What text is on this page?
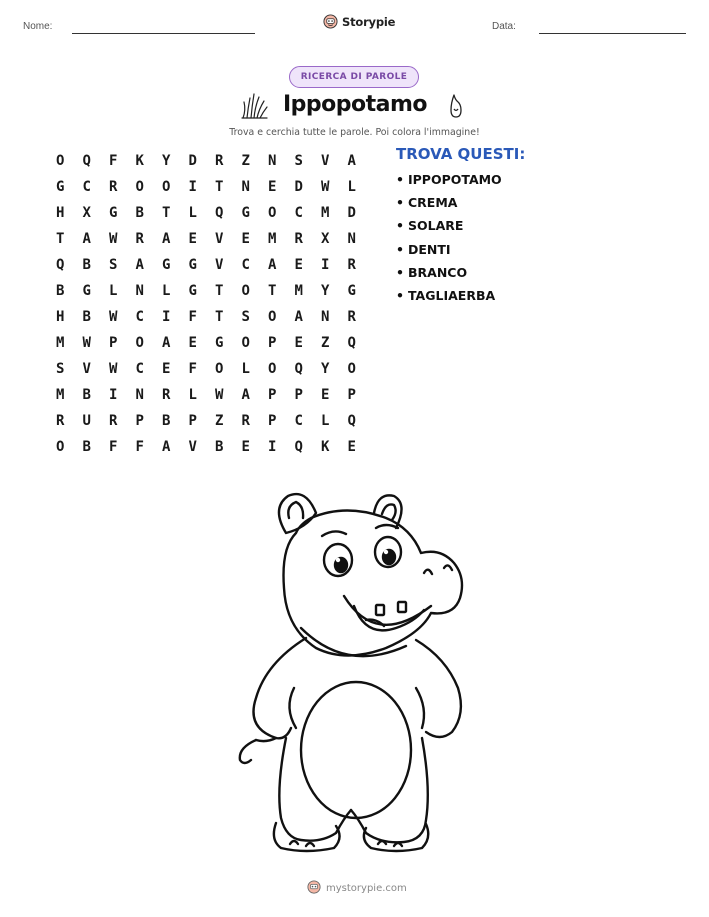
Nome:	Storypie	Data:
RICERCA DI PAROLE
Ippopotamo
Trova e cerchia tutte le parole. Poi colora l'immagine!
O	Q	F	K	Y	D	R	Z	N	S	V	A
G	C	R	O	O	I	T	N	E	D	W	L
H	X	G	B	T	L	Q	G	O	C	M	D
T	A	W	R	A	E	V	E	M	R	X	N
Q	B	S	A	G	G	V	C	A	E	I	R
B	G	L	N	L	G	T	O	T	M	Y	G
H	B	W	C	I	F	T	S	O	A	N	R
M	W	P	O	A	E	G	O	P	E	Z	Q
S	V	W	C	E	F	O	L	O	Q	Y	O
M	B	I	N	R	L	W	A	P	P	E	P
R	U	R	P	B	P	Z	R	P	C	L	Q
O	B	F	F	A	V	B	E	I	Q	K	E
TROVA QUESTI:
• IPPOPOTAMO
• CREMA
• SOLARE
• DENTI
• BRANCO
• TAGLIAERBA
mystorypie.com
